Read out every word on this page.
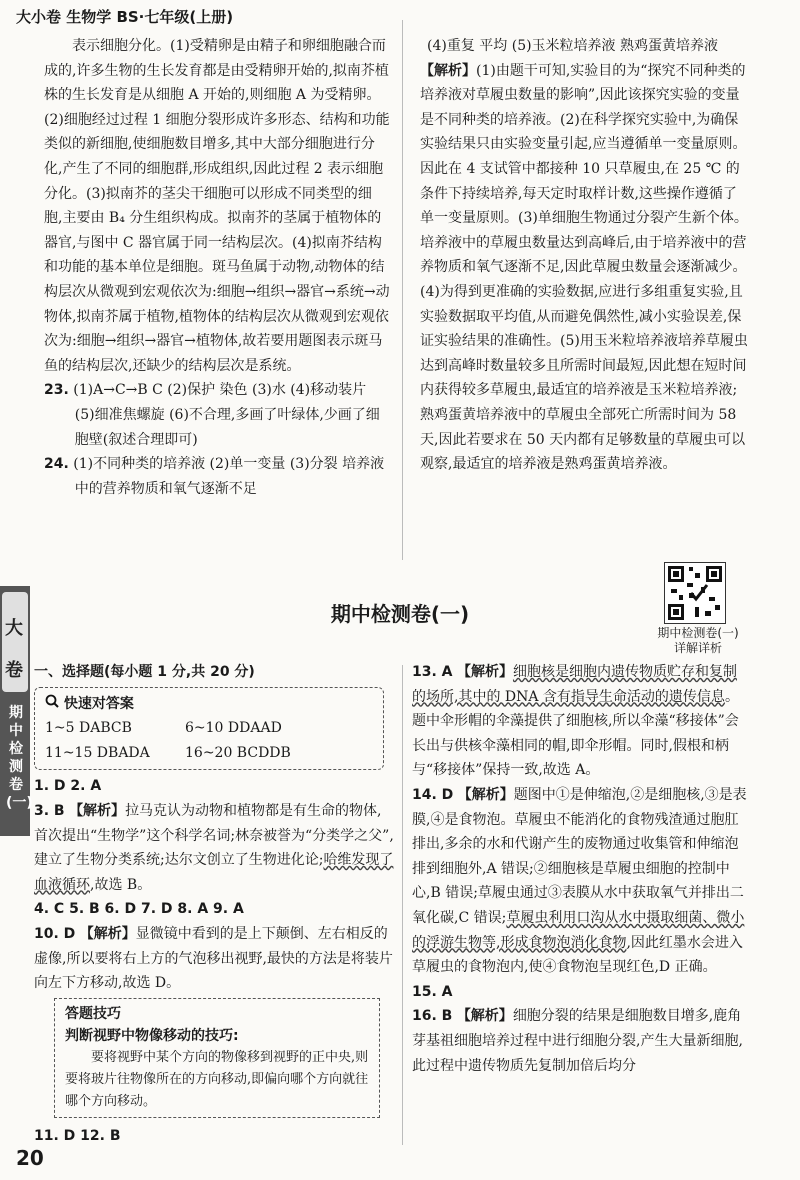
大小卷 生物学 BS·七年级(上册)

表示细胞分化。(1)受精卵是由精子和卵细胞融合而成的,许多生物的生长发育都是由受精卵开始的,拟南芥植株的生长发育是从细胞 A 开始的,则细胞 A 为受精卵。(2)细胞经过过程 1 细胞分裂形成许多形态、结构和功能类似的新细胞,使细胞数目增多,其中大部分细胞进行分化,产生了不同的细胞群,形成组织,因此过程 2 表示细胞分化。(3)拟南芥的茎尖干细胞可以形成不同类型的细胞,主要由 B₄ 分生组织构成。拟南芥的茎属于植物体的器官,与图中 C 器官属于同一结构层次。(4)拟南芥结构和功能的基本单位是细胞。斑马鱼属于动物,动物体的结构层次从微观到宏观依次为:细胞→组织→器官→系统→动物体,拟南芥属于植物,植物体的结构层次从微观到宏观依次为:细胞→组织→器官→植物体,故若要用题图表示斑马鱼的结构层次,还缺少的结构层次是系统。

23. (1)A→C→B C (2)保护 染色 (3)水 (4)移动装片 (5)细准焦螺旋 (6)不合理,多画了叶绿体,少画了细胞壁(叙述合理即可)

24. (1)不同种类的培养液 (2)单一变量 (3)分裂 培养液中的营养物质和氧气逐渐不足

(4)重复 平均 (5)玉米粒培养液 熟鸡蛋黄培养液

【解析】(1)由题干可知,实验目的为“探究不同种类的培养液对草履虫数量的影响”,因此该探究实验的变量是不同种类的培养液。(2)在科学探究实验中,为确保实验结果只由实验变量引起,应当遵循单一变量原则。因此在 4 支试管中都接种 10 只草履虫,在 25 ℃ 的条件下持续培养,每天定时取样计数,这些操作遵循了单一变量原则。(3)单细胞生物通过分裂产生新个体。培养液中的草履虫数量达到高峰后,由于培养液中的营养物质和氧气逐渐不足,因此草履虫数量会逐渐减少。(4)为得到更准确的实验数据,应进行多组重复实验,且实验数据取平均值,从而避免偶然性,减小实验误差,保证实验结果的准确性。(5)用玉米粒培养液培养草履虫达到高峰时数量较多且所需时间最短,因此想在短时间内获得较多草履虫,最适宜的培养液是玉米粒培养液;熟鸡蛋黄培养液中的草履虫全部死亡所需时间为 58 天,因此若要求在 50 天内都有足够数量的草履虫可以观察,最适宜的培养液是熟鸡蛋黄培养液。

期中检测卷(一)
详解详析
期中检测卷(一)
大
卷
期中检测卷(一)

一、选择题(每小题 1 分,共 20 分)

快速对答案
1~5 DABCB	6~10 DDAAD
11~15 DBADA	16~20 BCDDB

1. D 2. A

3. B 【解析】拉马克认为动物和植物都是有生命的物体,首次提出“生物学”这个科学名词;林奈被誉为“分类学之父”,建立了生物分类系统;达尔文创立了生物进化论;哈维发现了血液循环,故选 B。

4. C 5. B 6. D 7. D 8. A 9. A

10. D 【解析】显微镜中看到的是上下颠倒、左右相反的虚像,所以要将右上方的气泡移出视野,最快的方法是将装片向左下方移动,故选 D。

答题技巧
判断视野中物像移动的技巧:
要将视野中某个方向的物像移到视野的正中央,则要将玻片往物像所在的方向移动,即偏向哪个方向就往哪个方向移动。

11. D 12. B

13. A 【解析】细胞核是细胞内遗传物质贮存和复制的场所,其中的 DNA 含有指导生命活动的遗传信息。题中伞形帽的伞藻提供了细胞核,所以伞藻“移接体”会长出与供核伞藻相同的帽,即伞形帽。同时,假根和柄与“移接体”保持一致,故选 A。

14. D 【解析】题图中①是伸缩泡,②是细胞核,③是表膜,④是食物泡。草履虫不能消化的食物残渣通过胞肛排出,多余的水和代谢产生的废物通过收集管和伸缩泡排到细胞外,A 错误;②细胞核是草履虫细胞的控制中心,B 错误;草履虫通过③表膜从水中获取氧气并排出二氧化碳,C 错误;草履虫利用口沟从水中摄取细菌、微小的浮游生物等,形成食物泡消化食物,因此红墨水会进入草履虫的食物泡内,使④食物泡呈现红色,D 正确。

15. A

16. B 【解析】细胞分裂的结果是细胞数目增多,鹿角芽基祖细胞培养过程中进行细胞分裂,产生大量新细胞,此过程中遗传物质先复制加倍后均分

20
